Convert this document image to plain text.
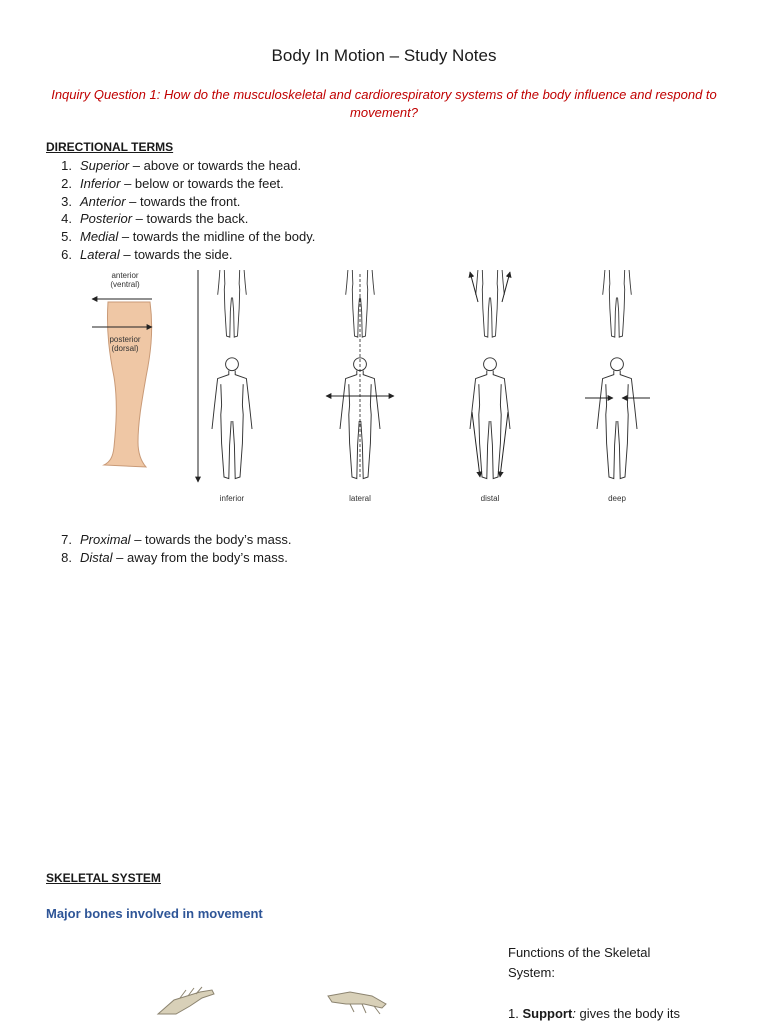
Body In Motion – Study Notes
Inquiry Question 1: How do the musculoskeletal and cardiorespiratory systems of the body influence and respond to movement?
DIRECTIONAL TERMS
1. Superior – above or towards the head.
2. Inferior – below or towards the feet.
3. Anterior – towards the front.
4. Posterior – towards the back.
5. Medial – towards the midline of the body.
6. Lateral – towards the side.
anterior
(ventral)
posterior
(dorsal)
inferior	lateral	distal	deep
7. Proximal – towards the body’s mass.
8. Distal – away from the body’s mass.
SKELETAL SYSTEM
Major bones involved in movement
Functions of the Skeletal System:
1. Support: gives the body its
